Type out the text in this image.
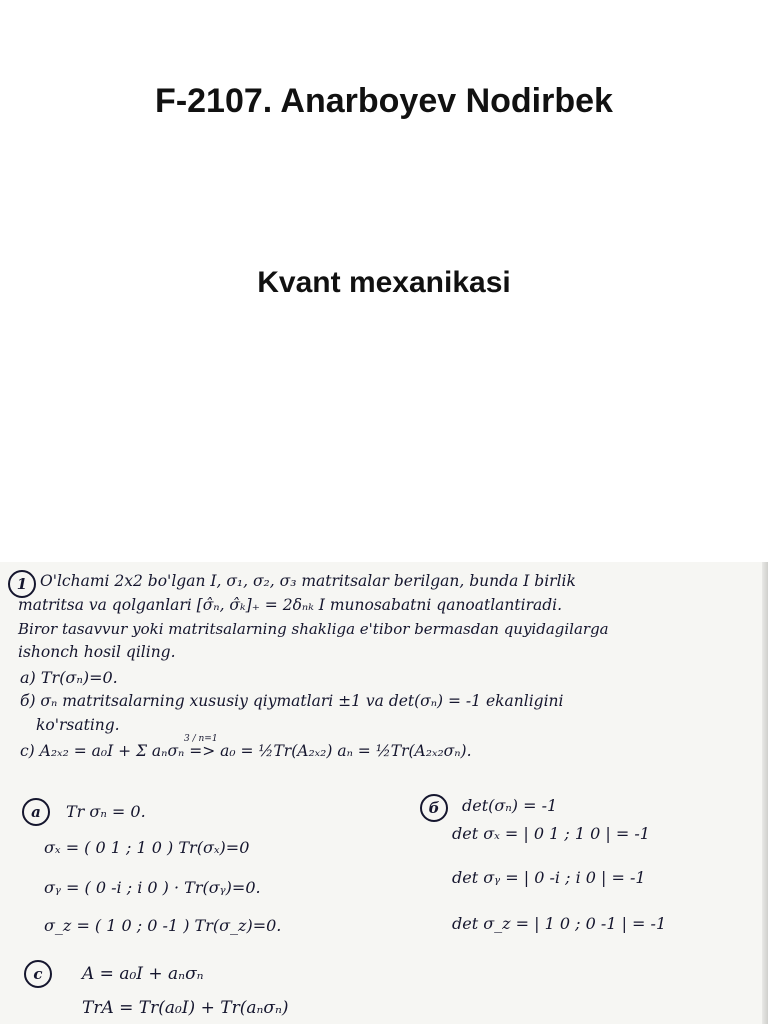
F-2107. Anarboyev Nodirbek
Kvant mexanikasi
1 O'lchami 2x2 bo'lgan I, σ₁, σ₂, σ₃ matritsalar berilgan, bunda I birlik
matritsa va qolganlari [σ̂ₙ, σ̂ₖ]₊ = 2δₙₖ I munosabatni qanoatlantiradi.
Biror tasavvur yoki matritsalarning shakliga e'tibor bermasdan quyidagilarga
ishonch hosil qiling.
a) Tr(σₙ)=0.
б) σₙ matritsalarning xususiy qiymatlari ±1 va det(σₙ) = -1 ekanligini
ko'rsating.
c) A₂ₓ₂ = a₀I + Σ aₙσₙ => a₀ = ½Tr(A₂ₓ₂) aₙ = ½Tr(A₂ₓ₂σₙ).
3 / n=1
a	Tr σₙ = 0.
σₓ = ( 0 1 ; 1 0 ) Tr(σₓ)=0
σᵧ = ( 0 -i ; i 0 ) · Tr(σᵧ)=0.
σ_z = ( 1 0 ; 0 -1 ) Tr(σ_z)=0.
б	det(σₙ) = -1
det σₓ = | 0 1 ; 1 0 | = -1
det σᵧ = | 0 -i ; i 0 | = -1
det σ_z = | 1 0 ; 0 -1 | = -1
c	A = a₀I + aₙσₙ
TrA = Tr(a₀I) + Tr(aₙσₙ)
